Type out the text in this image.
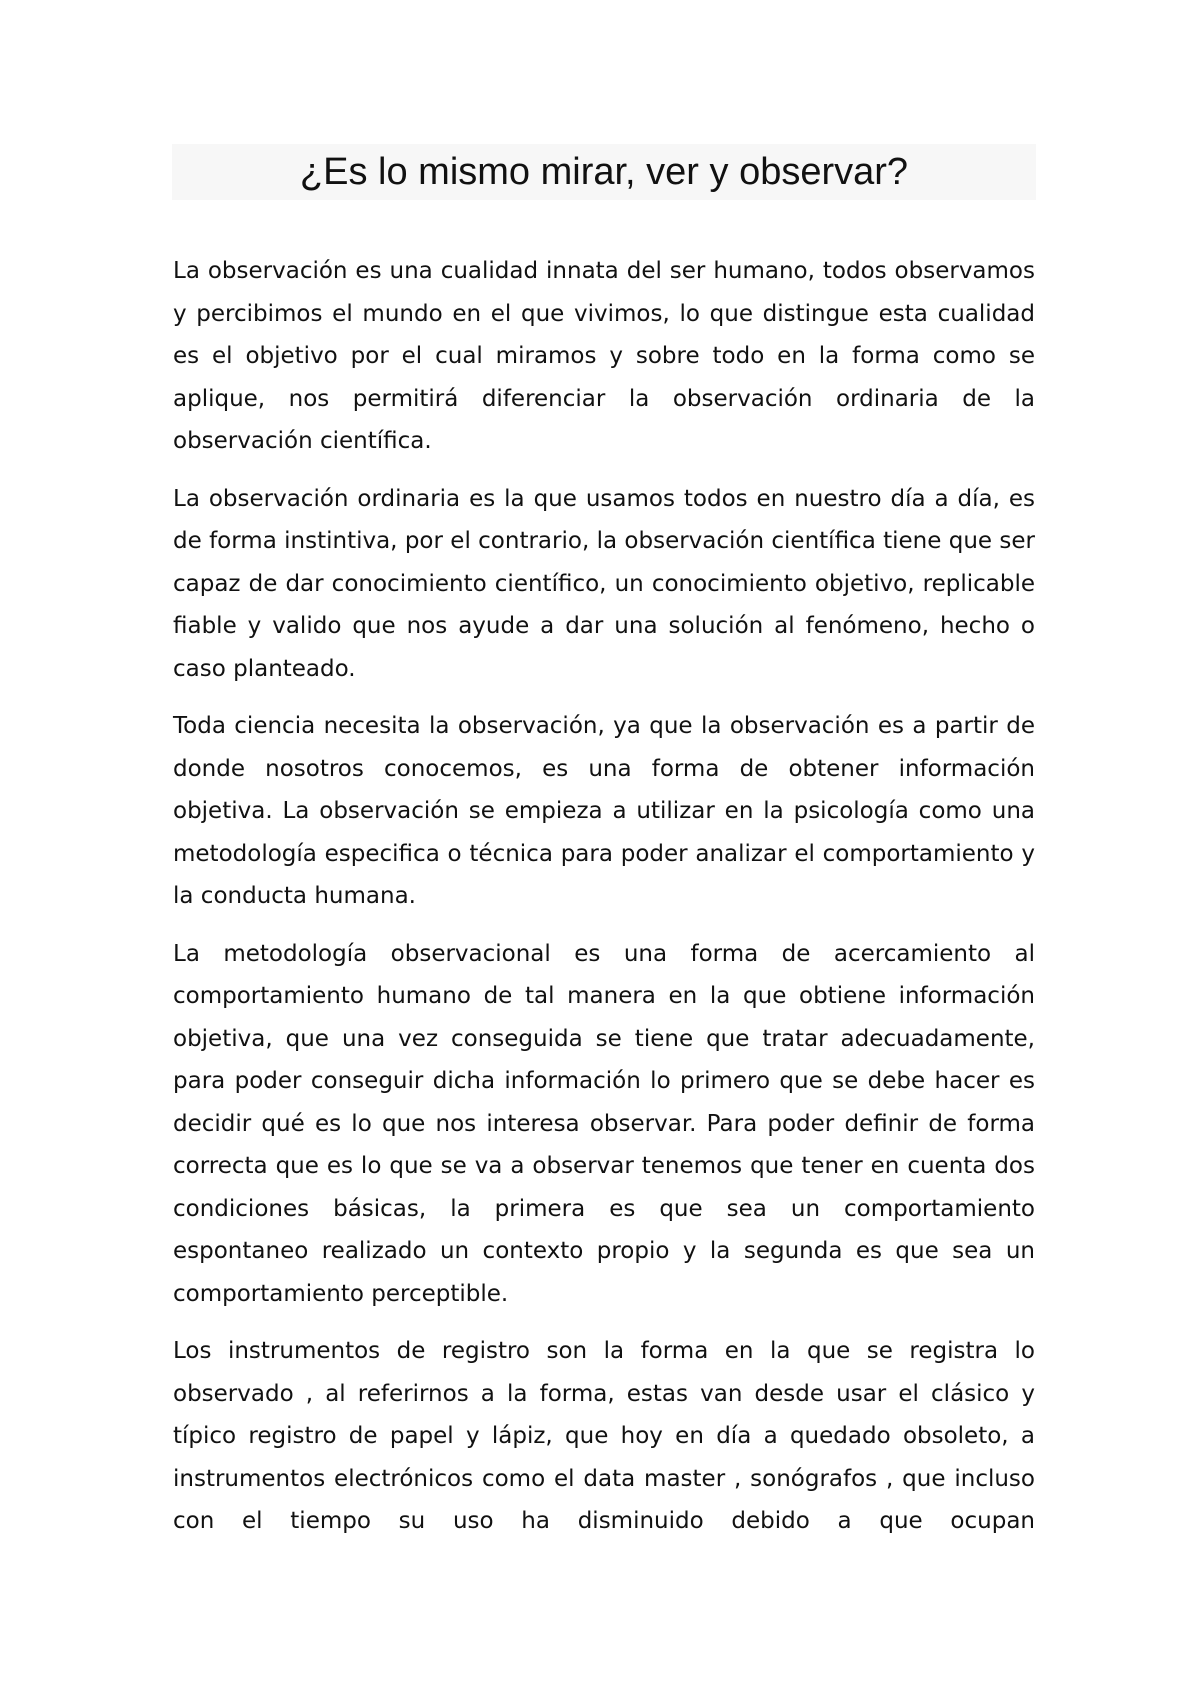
¿Es lo mismo mirar, ver y observar?

La observación es una cualidad innata del ser humano, todos observamos y percibimos el mundo en el que vivimos, lo que distingue esta cualidad es el objetivo por el cual miramos y sobre todo en la forma como se aplique, nos permitirá diferenciar la observación ordinaria de la observación científica.

La observación ordinaria es la que usamos todos en nuestro día a día, es de forma instintiva, por el contrario, la observación científica tiene que ser capaz de dar conocimiento científico, un conocimiento objetivo, replicable fiable y valido que nos ayude a dar una solución al fenómeno, hecho o caso planteado.

Toda ciencia necesita la observación, ya que la observación es a partir de donde nosotros conocemos, es una forma de obtener información objetiva. La observación se empieza a utilizar en la psicología como una metodología especifica o técnica para poder analizar el comportamiento y la conducta humana.

La metodología observacional es una forma de acercamiento al comportamiento humano de tal manera en la que obtiene información objetiva, que una vez conseguida se tiene que tratar adecuadamente, para poder conseguir dicha información lo primero que se debe hacer es decidir qué es lo que nos interesa observar. Para poder definir de forma correcta que es lo que se va a observar tenemos que tener en cuenta dos condiciones básicas, la primera es que sea un comportamiento espontaneo realizado un contexto propio y la segunda es que sea un comportamiento perceptible.

Los instrumentos de registro son la forma en la que se registra lo observado , al referirnos a la forma, estas van desde usar el clásico y típico registro de papel y lápiz, que hoy en día a quedado obsoleto, a instrumentos electrónicos como el data master , sonógrafos , que incluso con el tiempo su uso ha disminuido debido a que ocupan
